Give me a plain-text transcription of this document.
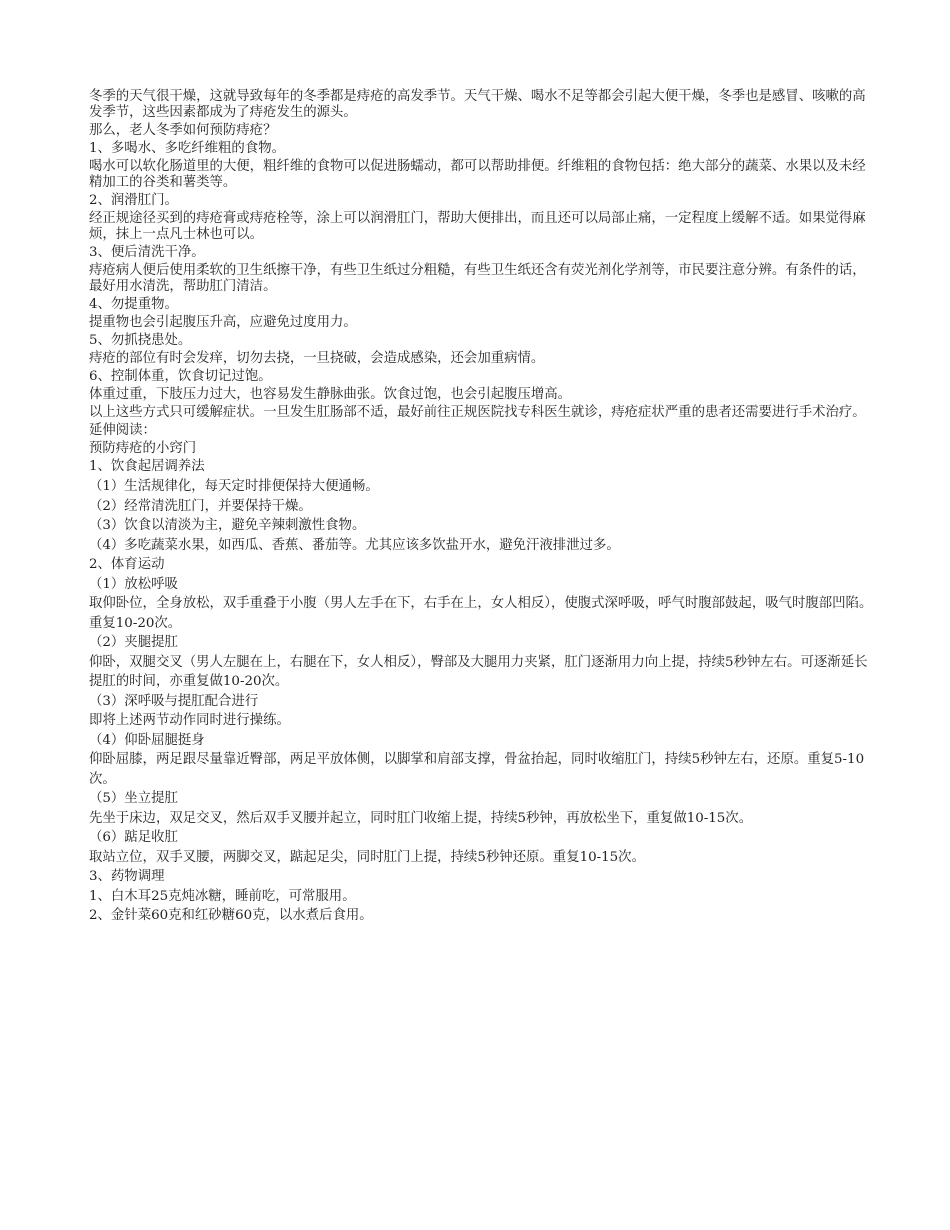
冬季的天气很干燥，这就导致每年的冬季都是痔疮的高发季节。天气干燥、喝水不足等都会引起大便干燥，冬季也是感冒、咳嗽的高发季节，这些因素都成为了痔疮发生的源头。

那么，老人冬季如何预防痔疮？

1、多喝水、多吃纤维粗的食物。

喝水可以软化肠道里的大便，粗纤维的食物可以促进肠蠕动，都可以帮助排便。纤维粗的食物包括：绝大部分的蔬菜、水果以及未经精加工的谷类和薯类等。

2、润滑肛门。

经正规途径买到的痔疮膏或痔疮栓等，涂上可以润滑肛门，帮助大便排出，而且还可以局部止痛，一定程度上缓解不适。如果觉得麻烦，抹上一点凡士林也可以。

3、便后清洗干净。

痔疮病人便后使用柔软的卫生纸擦干净，有些卫生纸过分粗糙，有些卫生纸还含有荧光剂化学剂等，市民要注意分辨。有条件的话，最好用水清洗，帮助肛门清洁。

4、勿提重物。

提重物也会引起腹压升高，应避免过度用力。

5、勿抓挠患处。

痔疮的部位有时会发痒，切勿去挠，一旦挠破，会造成感染，还会加重病情。

6、控制体重，饮食切记过饱。

体重过重，下肢压力过大，也容易发生静脉曲张。饮食过饱，也会引起腹压增高。

以上这些方式只可缓解症状。一旦发生肛肠部不适，最好前往正规医院找专科医生就诊，痔疮症状严重的患者还需要进行手术治疗。

延伸阅读：

预防痔疮的小窍门

1、饮食起居调养法

（1）生活规律化，每天定时排便保持大便通畅。

（2）经常清洗肛门，并要保持干燥。

（3）饮食以清淡为主，避免辛辣刺激性食物。

（4）多吃蔬菜水果，如西瓜、香蕉、番茄等。尤其应该多饮盐开水，避免汗液排泄过多。

2、体育运动

（1）放松呼吸

取仰卧位，全身放松，双手重叠于小腹（男人左手在下，右手在上，女人相反），使腹式深呼吸，呼气时腹部鼓起，吸气时腹部凹陷。重复10-20次。

（2）夹腿提肛

仰卧，双腿交叉（男人左腿在上，右腿在下，女人相反），臀部及大腿用力夹紧，肛门逐渐用力向上提，持续5秒钟左右。可逐渐延长提肛的时间，亦重复做10-20次。

（3）深呼吸与提肛配合进行

即将上述两节动作同时进行操练。

（4）仰卧屈腿挺身

仰卧屈膝，两足跟尽量靠近臀部，两足平放体侧，以脚掌和肩部支撑，骨盆抬起，同时收缩肛门，持续5秒钟左右，还原。重复5-10次。

（5）坐立提肛

先坐于床边，双足交叉，然后双手叉腰并起立，同时肛门收缩上提，持续5秒钟，再放松坐下，重复做10-15次。

（6）踮足收肛

取站立位，双手叉腰，两脚交叉，踮起足尖，同时肛门上提，持续5秒钟还原。重复10-15次。

3、药物调理

1、白木耳25克炖冰糖，睡前吃，可常服用。

2、金针菜60克和红砂糖60克，以水煮后食用。
